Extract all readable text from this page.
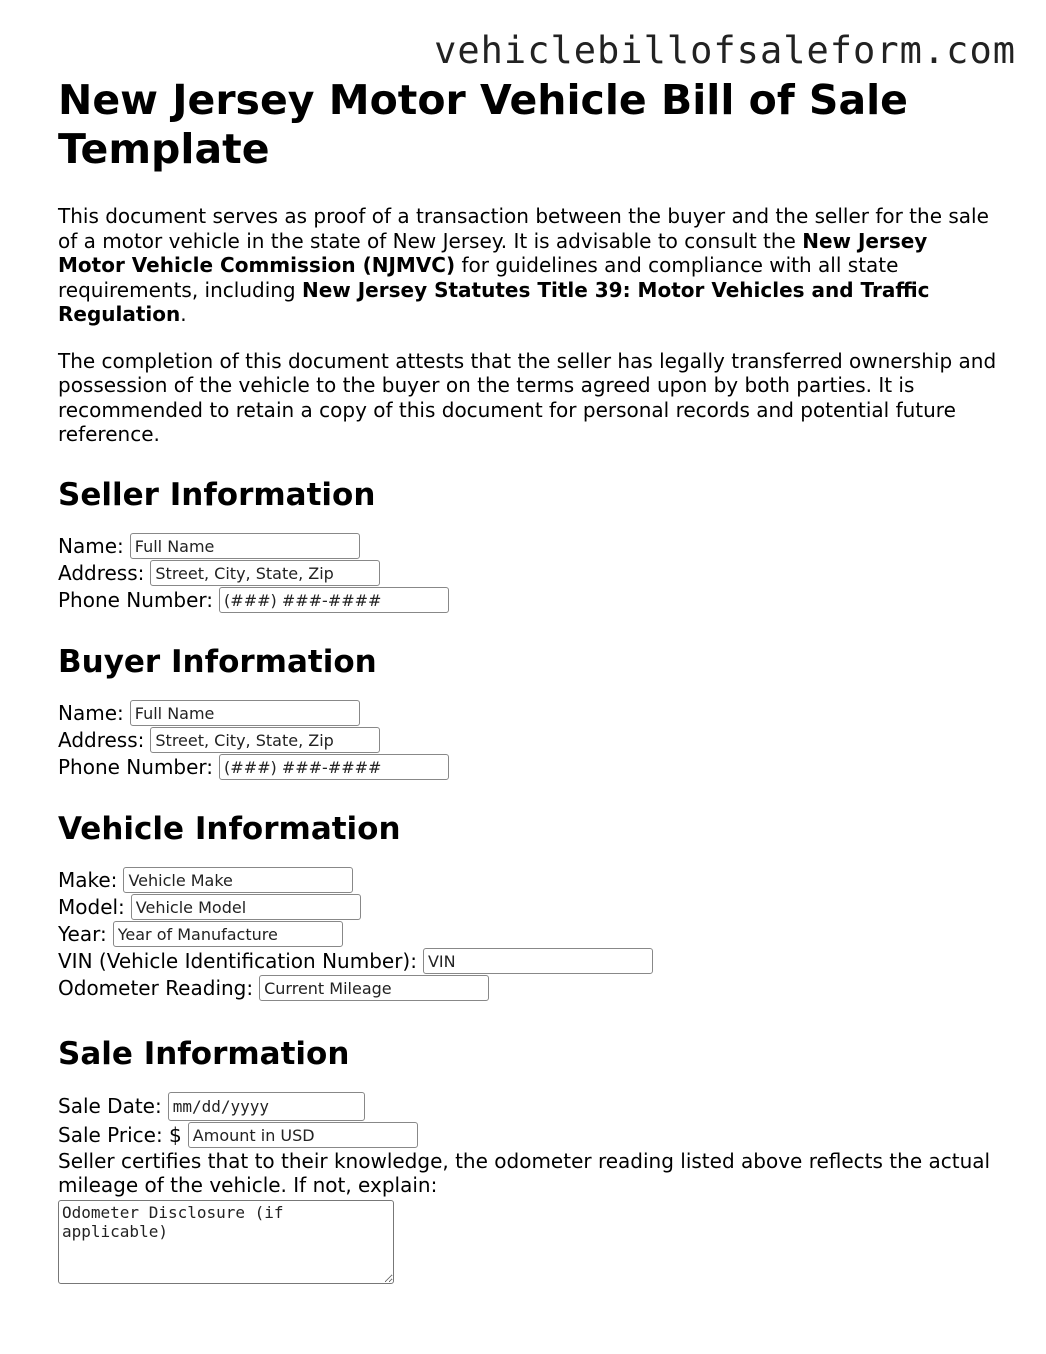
vehiclebillofsaleform.com
New Jersey Motor Vehicle Bill of Sale Template

This document serves as proof of a transaction between the buyer and the seller for the sale of a motor vehicle in the state of New Jersey. It is advisable to consult the New Jersey Motor Vehicle Commission (NJMVC) for guidelines and compliance with all state requirements, including New Jersey Statutes Title 39: Motor Vehicles and Traffic Regulation.

The completion of this document attests that the seller has legally transferred ownership and possession of the vehicle to the buyer on the terms agreed upon by both parties. It is recommended to retain a copy of this document for personal records and potential future reference.

Seller Information
Name:
Full Name
Address:
Street, City, State, Zip
Phone Number:
(###) ###-####
Buyer Information
Name:
Full Name
Address:
Street, City, State, Zip
Phone Number:
(###) ###-####
Vehicle Information
Make:
Vehicle Make
Model:
Vehicle Model
Year:
Year of Manufacture
VIN (Vehicle Identification Number):
VIN
Odometer Reading:
Current Mileage
Sale Information
Sale Date:
mm/dd/yyyy
Sale Price: $
Amount in USD
Seller certifies that to their knowledge, the odometer reading listed above reflects the actual mileage of the vehicle. If not, explain:
Odometer Disclosure (if applicable)
